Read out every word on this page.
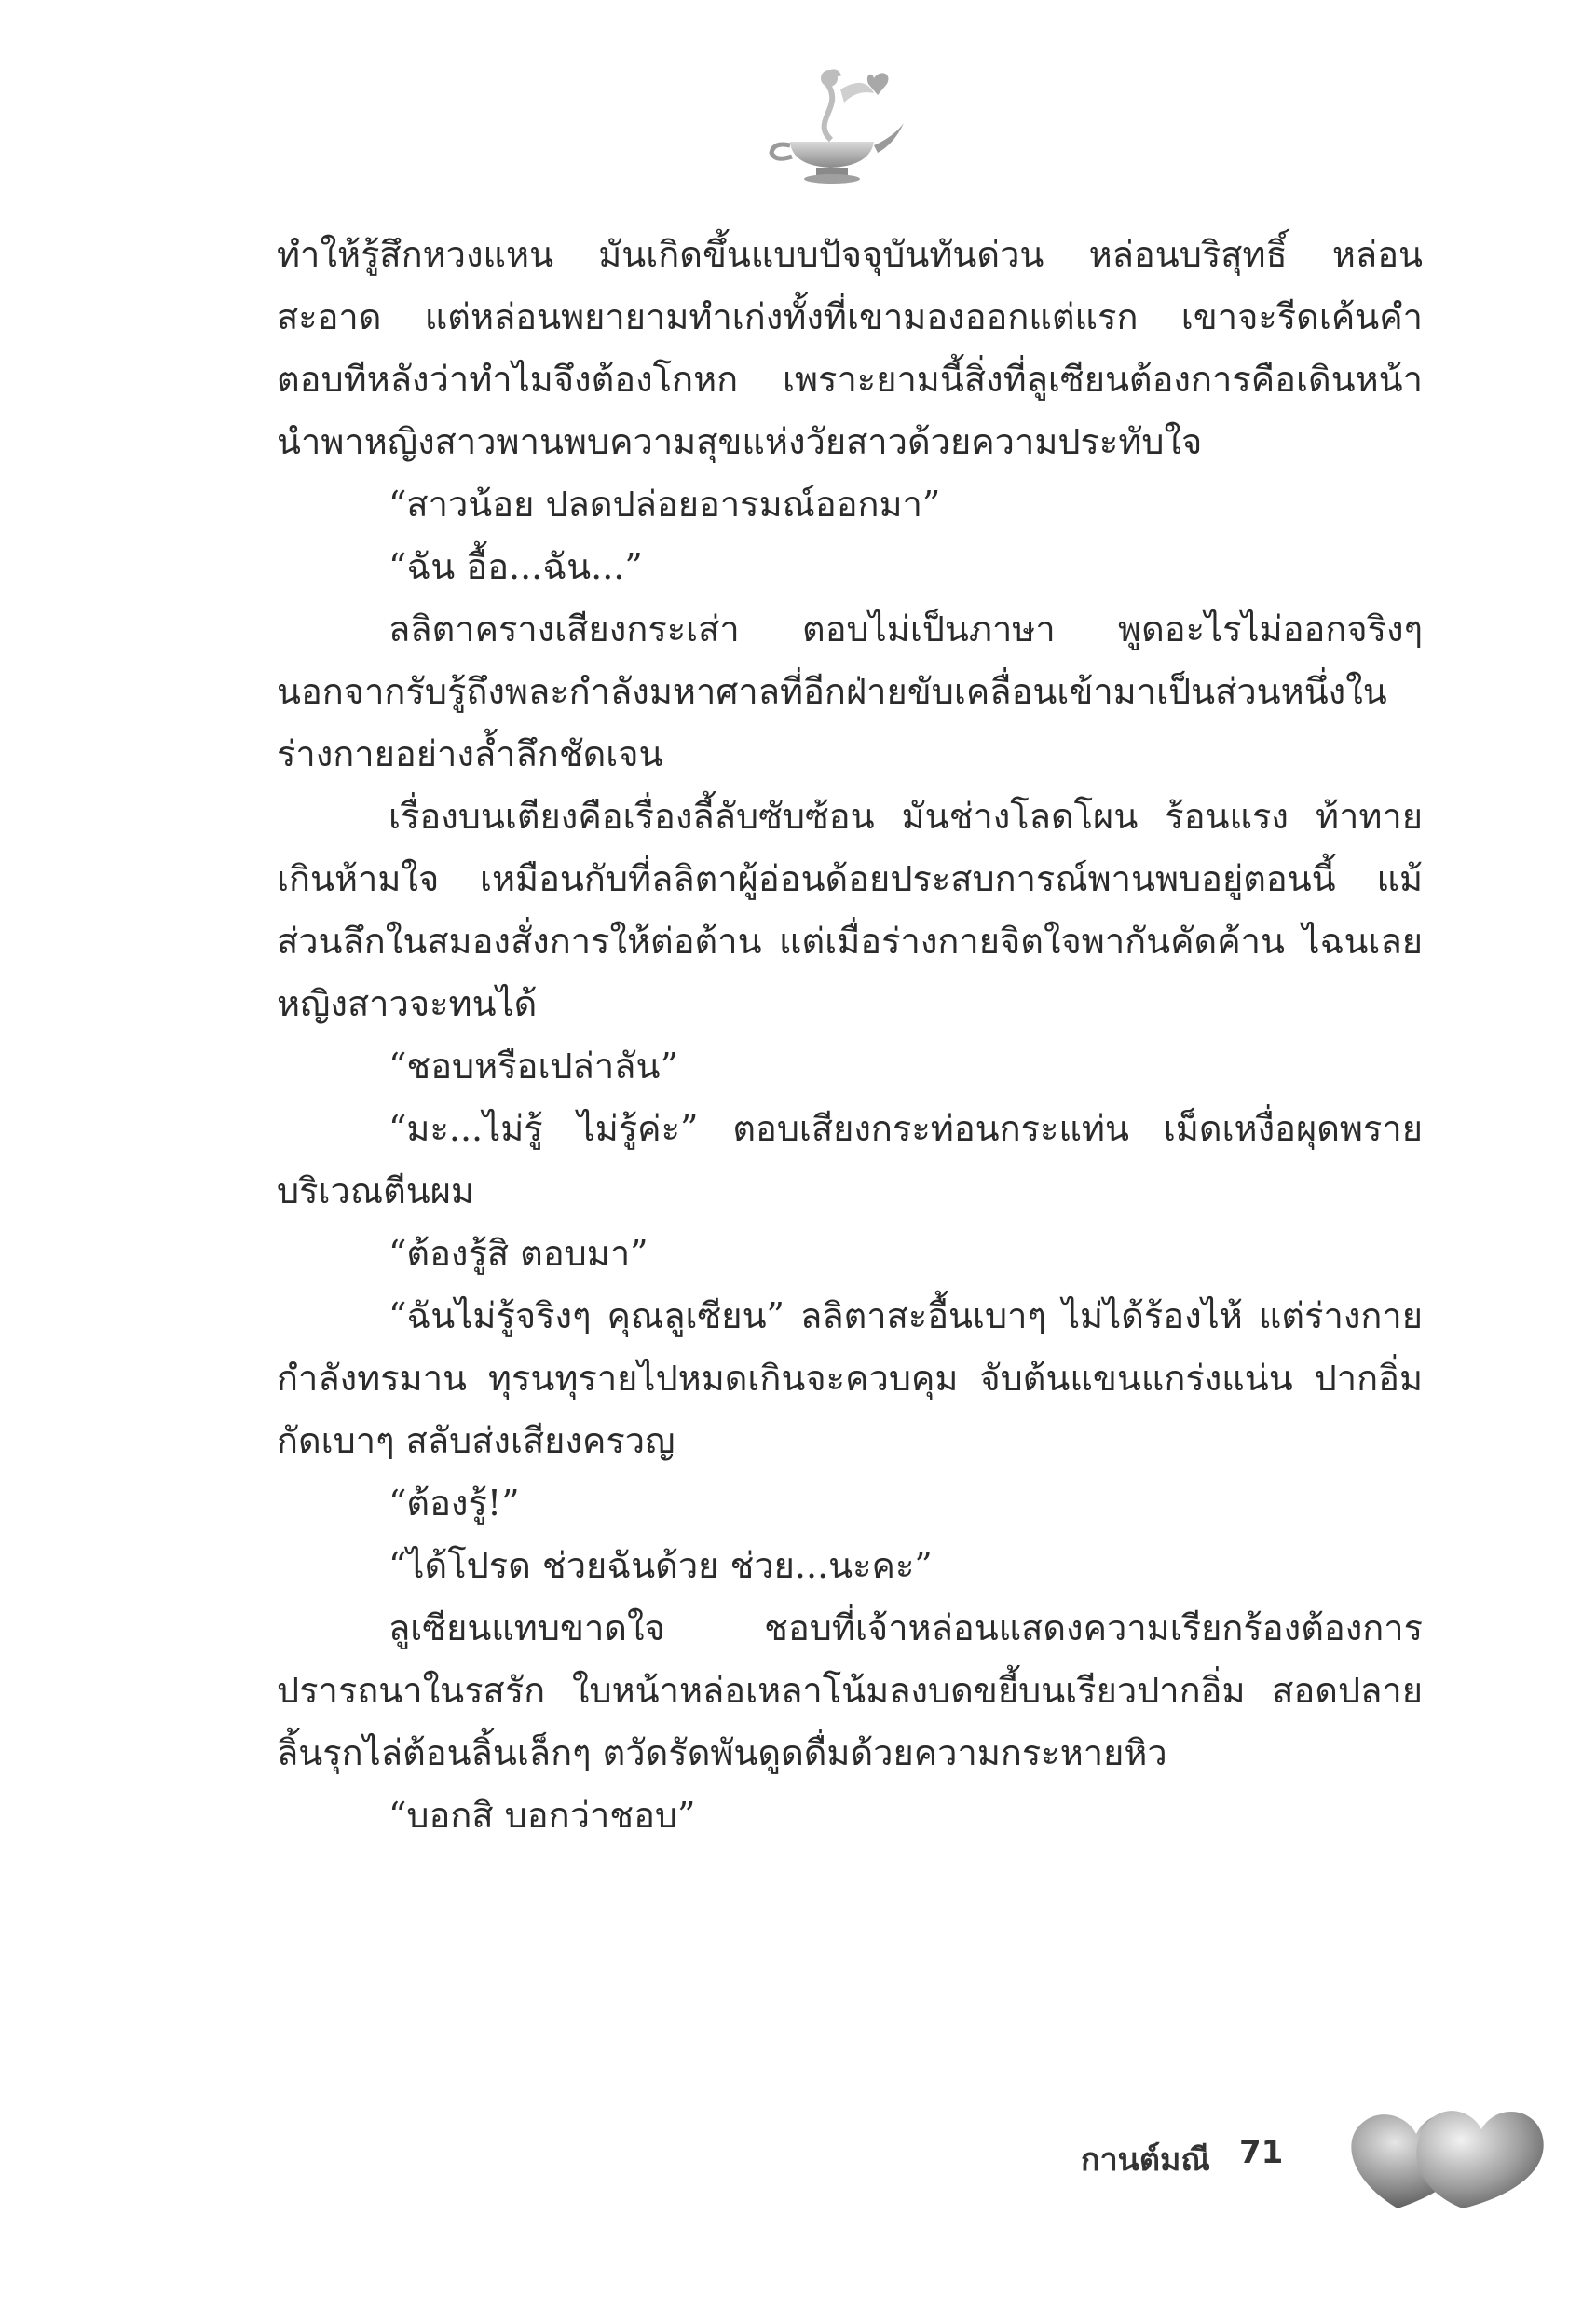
ทำให้รู้สึกหวงแหน มันเกิดขึ้นแบบปัจจุบันทันด่วน หล่อนบริสุทธิ์ หล่อนสะอาด แต่หล่อนพยายามทำเก่งทั้งที่เขามองออกแต่แรก เขาจะรีดเค้นคำตอบทีหลังว่าทำไมจึงต้องโกหก เพราะยามนี้สิ่งที่ลูเซียนต้องการคือเดินหน้านำพาหญิงสาวพานพบความสุขแห่งวัยสาวด้วยความประทับใจ

“สาวน้อย ปลดปล่อยอารมณ์ออกมา”

“ฉัน อื้อ...ฉัน...”

ลลิตาครางเสียงกระเส่า ตอบไม่เป็นภาษา พูดอะไรไม่ออกจริงๆ นอกจากรับรู้ถึงพละกำลังมหาศาลที่อีกฝ่ายขับเคลื่อนเข้ามาเป็นส่วนหนึ่งในร่างกายอย่างล้ำลึกชัดเจน

เรื่องบนเตียงคือเรื่องลี้ลับซับซ้อน มันช่างโลดโผน ร้อนแรง ท้าทาย เกินห้ามใจ เหมือนกับที่ลลิตาผู้อ่อนด้อยประสบการณ์พานพบอยู่ตอนนี้ แม้ส่วนลึกในสมองสั่งการให้ต่อต้าน แต่เมื่อร่างกายจิตใจพากันคัดค้าน ไฉนเลยหญิงสาวจะทนได้

“ชอบหรือเปล่าลัน”

“มะ...ไม่รู้ ไม่รู้ค่ะ” ตอบเสียงกระท่อนกระแท่น เม็ดเหงื่อผุดพรายบริเวณตีนผม

“ต้องรู้สิ ตอบมา”

“ฉันไม่รู้จริงๆ คุณลูเซียน” ลลิตาสะอื้นเบาๆ ไม่ได้ร้องไห้ แต่ร่างกายกำลังทรมาน ทุรนทุรายไปหมดเกินจะควบคุม จับต้นแขนแกร่งแน่น ปากอิ่มกัดเบาๆ สลับส่งเสียงครวญ

“ต้องรู้!”

“ได้โปรด ช่วยฉันด้วย ช่วย...นะคะ”

ลูเซียนแทบขาดใจ ชอบที่เจ้าหล่อนแสดงความเรียกร้องต้องการปรารถนาในรสรัก ใบหน้าหล่อเหลาโน้มลงบดขยี้บนเรียวปากอิ่ม สอดปลายลิ้นรุกไล่ต้อนลิ้นเล็กๆ ตวัดรัดพันดูดดื่มด้วยความกระหายหิว

“บอกสิ บอกว่าชอบ”

กานต์มณี 71
